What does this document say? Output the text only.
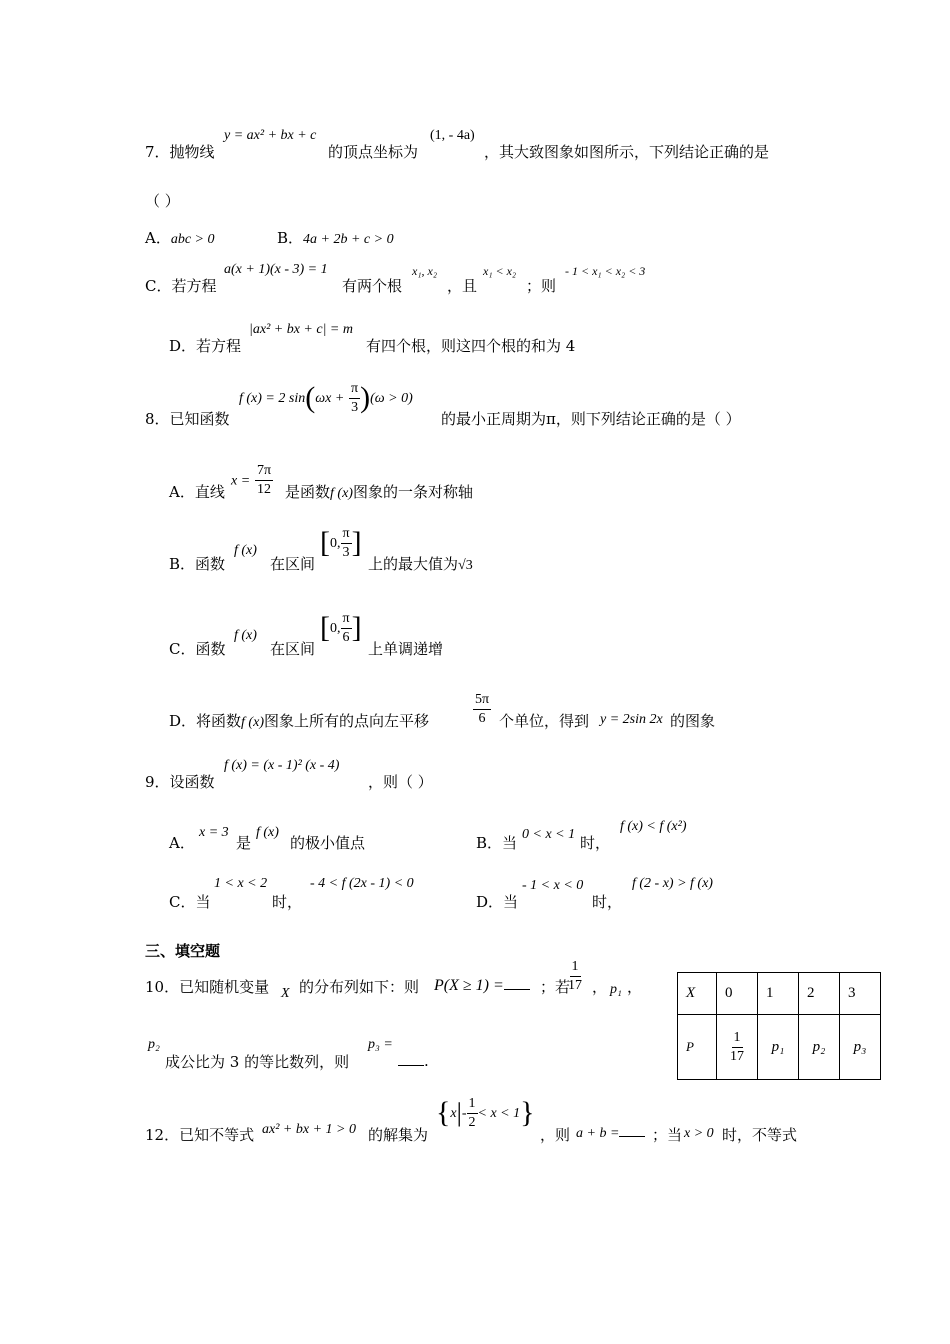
7．抛物线
y = ax² + bx + c
的顶点坐标为
(1, - 4a)
，其大致图象如图所示，下列结论正确的是
（ ）
A．abc > 0	B．4a + 2b + c > 0
C．若方程
a(x + 1)(x - 3) = 1
有两个根
x₁, x₂
，且
x₁ < x₂
；则
- 1 < x₁ < x₂ < 3
D．若方程
|ax² + bx + c| = m
有四个根，则这四个根的和为 4
8．已知函数
f (x) = 2 $\sin(\omega x + \frac{\pi}{3} )(\omega > 0)$
的最小正周期为π，则下列结论正确的是（ ）
A．直线
$x = \frac{7\pi}{12}$ 是函数f (x)图象的一条对称轴
B．函数
f (x)
在区间
[0, $\frac{\pi}{3}$ ]
上的最大值为√3
C．函数
f (x)
在区间
[0, $\frac{\pi}{6}$ ]
上单调递增
D．将函数f (x)图象上所有的点向左平移	$\frac{5\pi}{6}$ 个单位，得到 y = 2sin 2x 的图象
9．设函数
f (x) = (x - 1)² (x - 4)
，则（ ）
A．
x = 3
是
f (x)
的极小值点	B．当 0 < x < 1 时，
f (x) < f (x²)
C．当
1 < x < 2
时，
- 4 < f (2x - 1) < 0
D．当
- 1 < x < 0
时，
f (2 - x) > f (x)
三、填空题
10．已知随机变量 X 的分布列如下：则 P(X ≥ 1) =	；若
$\frac{1}{17}$ ， p₁ ，
p₂
成公比为 3 的等比数列，则
p₃ =
.
X	0	1	2	3
P	$\frac{1}{17}$	p₁	p₂	p₃
12．已知不等式 ax² + bx + 1 > 0 的解集为
$\{x|- \frac{1}{2} < x < 1\}$
，则 a + b =	；当 x > 0 时，不等式
